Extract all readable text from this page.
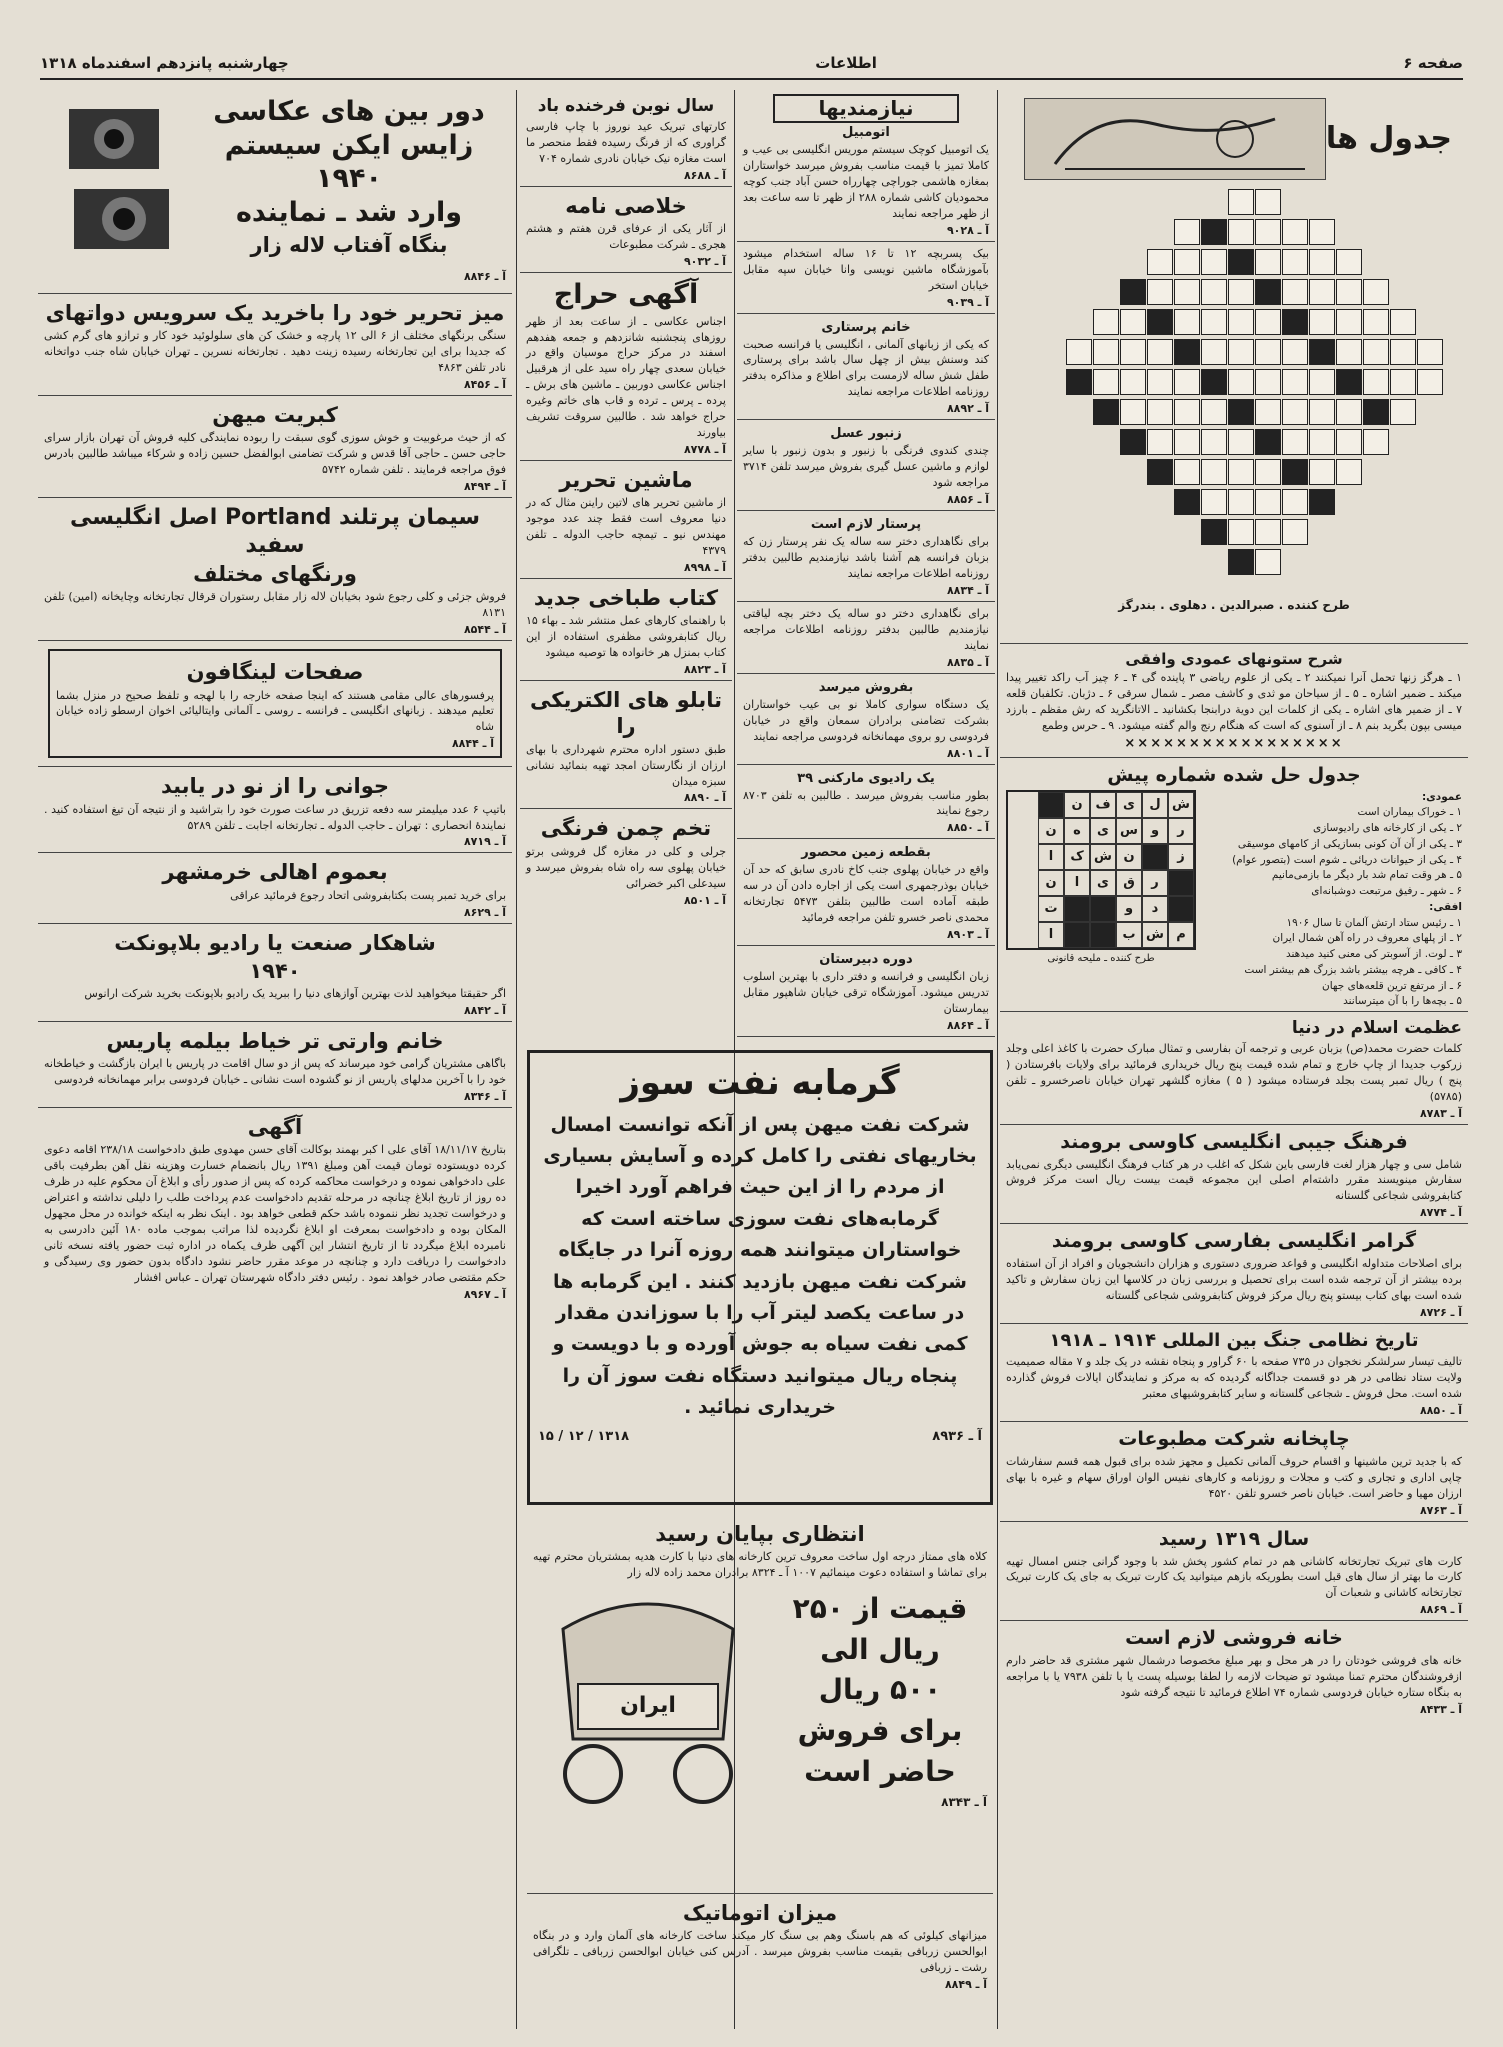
صفحه ۶
اطلاعات
چهارشنبه پانزدهم اسفندماه ۱۳۱۸
جدول ها
طرح کننده . صبرالدین . دهلوی . بندرگز
شرح ستونهای عمودی وافقی

۱ ـ هرگز زنها تحمل آنرا نمیکنند ۲ ـ یکی از علوم ریاضی ۳ پاینده گی ۴ ـ ۶ چیز آب راکد تغییر پیدا میکند ـ ضمیر اشاره ـ ۵ ـ از سیاحان مو ثدی و کاشف مصر ـ شمال سرقی ۶ ـ دژبان. تکلفبان قلعه ۷ ـ از ضمیر های اشاره ـ یکی از کلمات این دویة درابنجا بکشانید ـ الاتانگرید که رش مقظم ـ بارزد میسی بپون بگرید بنم ۸ ـ از آسنوی که است که هنگام رنج والم گفته میشود. ۹ ـ حرس وطمع

×××××××××××××××××
جدول حل شده شماره پیش
عمودی:
۱ ـ خوراک بیماران است
۲ ـ یکی از کارخانه های رادیوسازی
۳ ـ یکی از آن آن کونی بسازیکی از کامهای موسیقی
۴ ـ یکی از حیوانات دریائی ـ شوم است (بتصور عوام)
۵ ـ هر وقت تمام شد بار دیگر ما بازمی‌مانیم
۶ ـ شهر ـ رفیق مرتبعت دوشبانه‌ای
افقی:
۱ ـ رئیس ستاد ارتش آلمان تا سال ۱۹۰۶
۲ ـ از پلهای معروف در راه آهن شمال ایران
۳ ـ لوت. از آسوبتر کی معنی کنید میدهند
۴ ـ کافی ـ هرچه بیشتر باشد بزرگ هم بیشتر است
۶ ـ از مرتفع ترین قلعه‌های جهان
۵ ـ بچه‌ها را با آن میترسانند
ش
ل
ی
ف
ن
ر
و
س
ی
ه
ن
ز
ن
ش
ک
ا
ر
ق
ی
ا
ن
د
و
ت
م
ش
ب
ا
طرح کننده ـ ملیحه قانونی
عظمت اسلام در دنیا

کلمات حضرت محمد(ص) بزبان عربی و ترجمه آن بفارسی و تمثال مبارک حضرت با کاغذ اعلی وجلد زرکوب جدیدا از چاپ خارج و تمام شده قیمت پنج ریال خریداری فرمائید برای ولایات بافرستادن ( پنج ) ریال تمبر پست بجلد فرستاده میشود ( ۵ ) مغازه گلشهر تهران خیابان ناصرخسرو ـ تلفن (۵۷۸۵)

آ ـ ۸۷۸۳
فرهنگ جیبی انگلیسی کاوسی برومند

شامل سی و چهار هزار لغت فارسی باین شکل که اغلب در هر کتاب فرهنگ انگلیسی دیگری نمی‌یابد سفارش مینویسند مقرر داشته‌ام اصلی این مجموعه قیمت بیست ریال است مرکز فروش کتابفروشی شجاعی گلستانه

آ ـ ۸۷۷۴
گرامر انگلیسی بفارسی کاوسی برومند

برای اصلاحات متداوله انگلیسی و قواعد ضروری دستوری و هزاران دانشجویان و افراد از آن استفاده برده بیشتر از آن ترجمه شده است برای تحصیل و بررسی زبان در کلاسها این زبان سفارش و تاکید شده است بهای کتاب بیستو پنج ریال مرکز فروش کتابفروشی شجاعی گلستانه

آ ـ ۸۷۲۶
تاریخ نظامی جنگ بین المللی ۱۹۱۴ ـ ۱۹۱۸

تالیف تیسار سرلشکر نخجوان در ۷۳۵ صفحه با ۶۰ گراور و پنجاه نقشه در یک جلد و ۷ مقاله صمیمیت ولایت ستاد نظامی در هر دو قسمت جداگانه گردیده که به مرکز و نمایندگان ایالات فروش گذارده شده است. محل فروش ـ شجاعی گلستانه و سایر کتابفروشیهای معتبر

آ ـ ۸۸۵۰
چاپخانه شرکت مطبوعات

که با جدید ترین ماشینها و اقسام حروف آلمانی تکمیل و مجهز شده برای قبول همه قسم سفارشات چاپی اداری و تجاری و کتب و مجلات و روزنامه و کارهای نفیس الوان اوراق سهام و غیره با بهای ارزان مهیا و حاضر است. خیابان ناصر خسرو تلفن ۴۵۲۰

آ ـ ۸۷۶۳
سال ۱۳۱۹ رسید

کارت های تبریک تجارتخانه کاشانی هم در تمام کشور پخش شد با وجود گرانی جنس امسال تهیه کارت ما بهتر از سال های قبل است بطوریکه بازهم میتوانید یک کارت تبریک به جای یک کارت تبریک تجارتخانه کاشانی و شعبات آن

آ ـ ۸۸۶۹
خانه فروشی لازم است

خانه های فروشی خودتان را در هر محل و بهر مبلغ مخصوصا درشمال شهر مشتری قد حاضر دارم ازفروشندگان محترم تمنا میشود تو ضیحات لازمه را لطفا بوسیله پست یا با تلفن ۷۹۳۸ یا با مراجعه به بنگاه ستاره خیابان فردوسی شماره ۷۴ اطلاع فرمائید تا نتیجه گرفته شود

آ ـ ۸۴۳۳
نیازمندیها
اتومبیل

یک اتومبیل کوچک سیستم موریس انگلیسی بی عیب و کاملا تمیز با قیمت مناسب بفروش میرسد خواستاران بمغازه هاشمی جوراچی چهارراه حسن آباد جنب کوچه محمودیان کاشی شماره ۲۸۸ از ظهر تا سه ساعت بعد از ظهر مراجعه نمایند

آ ـ ۹۰۲۸

بیک پسربچه ۱۲ تا ۱۶ ساله استخدام میشود بآموزشگاه ماشین نویسی وانا خیابان سپه مقابل خیابان استخر

آ ـ ۹۰۳۹
خانم پرستاری

که یکی از زبانهای آلمانی ، انگلیسی یا فرانسه صحبت کند وسنش بیش از چهل سال باشد برای پرستاری طفل شش ساله لازمست برای اطلاع و مذاکره بدفتر روزنامه اطلاعات مراجعه نمایند

آ ـ ۸۸۹۲
زنبور عسل

چندی کندوی فرنگی با زنبور و بدون زنبور با سایر لوازم و ماشین عسل گیری بفروش میرسد تلفن ۳۷۱۴ مراجعه شود

آ ـ ۸۸۵۶
پرستار لازم است

برای نگاهداری دختر سه ساله یک نفر پرستار زن که بزبان فرانسه هم آشنا باشد نیازمندیم طالبین بدفتر روزنامه اطلاعات مراجعه نمایند

آ ـ ۸۸۳۴

برای نگاهداری دختر دو ساله یک دختر بچه لیاقتی نیازمندیم طالبین بدفتر روزنامه اطلاعات مراجعه نمایند

آ ـ ۸۸۳۵
بفروش میرسد

یک دستگاه سواری کاملا نو بی عیب خواستاران بشرکت تضامنی برادران سمعان واقع در خیابان فردوسی رو بروی مهمانخانه فردوسی مراجعه نمایند

آ ـ ۸۸۰۱
یک رادیوی مارکنی ۳۹

بطور مناسب بفروش میرسد . طالبین به تلفن ۸۷۰۳ رجوع نمایند

آ ـ ۸۸۵۰
بقطعه زمین محصور

واقع در خیابان پهلوی جنب کاخ نادری سابق که حد آن خیابان بوذرجمهری است یکی از اجاره دادن آن در سه طبقه آماده است طالبین بتلفن ۵۴۷۳ تجارتخانه محمدی ناصر خسرو تلفن مراجعه فرمائید

آ ـ ۸۹۰۳
دوره دبیرستان

زبان انگلیسی و فرانسه و دفتر داری با بهترین اسلوب تدریس میشود. آموزشگاه ترقی خیابان شاهپور مقابل بیمارستان

آ ـ ۸۸۶۴
سال نوبن فرخنده باد

کارتهای تبریک عید نوروز با چاپ فارسی گراوری که از فرنگ رسیده فقط منحصر ما است مغازه نیک خیابان نادری شماره ۷۰۴

آ ـ ۸۶۸۸
خلاصی نامه

از آثار یکی از عرفای قرن هفتم و هشتم هجری ـ شرکت مطبوعات

آ ـ ۹۰۳۲
آگهی حراج

اجناس عکاسی ـ از ساعت بعد از ظهر روزهای پنجشنبه شانزدهم و جمعه هفدهم اسفند در مرکز حراج موسیان واقع در خیابان سعدی چهار راه سید علی از هرقبیل اجناس عکاسی دوربین ـ ماشین های برش ـ پرده ـ پرس ـ ترده و قاب های خاتم وغیره حراج خواهد شد . طالبین سروقت تشریف بیاورند

آ ـ ۸۷۷۸
ماشین تحریر

از ماشین تحریر های لاتین راینن مثال که در دنیا معروف است فقط چند عدد موجود مهندس نیو ـ تیمچه حاجب الدوله ـ تلفن ۴۳۷۹

آ ـ ۸۹۹۸
کتاب طباخی جدید

با راهنمای کارهای عمل منتشر شد ـ بهاء ۱۵ ریال کتابفروشی مظفری استفاده از این کتاب بمنزل هر خانواده ها توصیه میشود

آ ـ ۸۸۲۳
تابلو های الکتریکی را

طبق دستور اداره محترم شهرداری با بهای ارزان از نگارستان امجد تهیه بنمائید نشانی سبزه میدان

آ ـ ۸۸۹۰
تخم چمن فرنگی

جرلی و کلی در مغازه گل فروشی برتو خیابان پهلوی سه راه شاه بفروش میرسد و سیدعلی اکبر خضرائی

آ ـ ۸۵۰۱
گرمابه نفت سوز

شرکت نفت میهن پس از آنکه توانست امسال بخاریهای نفتی را کامل کرده و آسایش بسیاری از مردم را از این حیث فراهم آورد اخیرا گرمابه‌های نفت سوزی ساخته است که خواستاران میتوانند همه روزه آنرا در جایگاه شرکت نفت میهن بازدید کنند . این گرمابه ها در ساعت یکصد لیتر آب را با سوزاندن مقدار کمی نفت سیاه به جوش آورده و با دویست و پنجاه ریال میتوانید دستگاه نفت سوز آن را خریداری نمائید .

آ ـ ۸۹۳۶
۱۳۱۸ / ۱۲ / ۱۵
دور بین های عکاسی
زایس ایکن سیستم ۱۹۴۰
وارد شد ـ نماینده
بنگاه آفتاب لاله زار
آ ـ ۸۸۴۶
میز تحریر خود را باخرید یک سرویس دواتهای

سنگی برنگهای مختلف از ۶ الی ۱۲ پارچه و خشک کن های سلولوئید خود کار و ترازو های گرم کشی که جدیدا برای این تجارتخانه رسیده زینت دهید . تجارتخانه نسرین ـ تهران خیابان شاه جنب دواتخانه نادر تلفن ۴۸۶۳

آ ـ ۸۴۵۶
کبریت میهن

که از حیث مرغوبیت و خوش سوزی گوی سبقت را ربوده نمایندگی کلیه فروش آن تهران بازار سرای حاجی حسن ـ حاجی آقا قدس و شرکت تضامنی ابوالفضل حسین زاده و شرکاء میباشد طالبین بادرس فوق مراجعه فرمایند . تلفن شماره ۵۷۴۲

آ ـ ۸۴۹۴
سیمان پرتلند Portland اصل انگلیسی سفید
ورنگهای مختلف

فروش جزئی و کلی رجوع شود بخیابان لاله زار مقابل رستوران قرقال تجارتخانه وچایخانه (امین) تلفن ۸۱۳۱

آ ـ ۸۵۴۴
صفحات لینگافون

پرفسورهای عالی مقامی هستند که اینجا صفحه خارجه را با لهجه و تلفظ صحیح در منزل بشما تعلیم میدهند . زبانهای انگلیسی ـ فرانسه ـ روسی ـ آلمانی وایتالیائی اخوان ارسطو زاده خیابان شاه

آ ـ ۸۸۴۴
جوانی را از نو در یابید

باتیپ ۶ عدد میلیمتر سه دفعه تزریق در ساعت صورت خود را بتراشید و از نتیجه آن تیغ استفاده کنید . نمایندهٔ انحصاری : تهران ـ حاجب الدوله ـ تجارتخانه اجابت ـ تلفن ۵۲۸۹

آ ـ ۸۷۱۹
بعموم اهالی خرمشهر

برای خرید تمبر پست بکتابفروشی اتحاد رجوع فرمائید عراقی

آ ـ ۸۶۲۹
شاهکار صنعت یا رادیو بلاپونکت
۱۹۴۰

اگر حقیقتا میخواهید لذت بهترین آوازهای دنیا را ببرید یک رادیو بلاپونکت بخرید شرکت ارانوس

آ ـ ۸۸۴۲
خانم وارتی تر خیاط بیلمه پاریس

باگاهی مشتریان گرامی خود میرساند که پس از دو سال اقامت در پاریس با ایران بازگشت و خیاطخانه خود را با آخرین مدلهای پاریس از نو گشوده است نشانی ـ خیابان فردوسی برابر مهمانخانه فردوسی

آ ـ ۸۳۴۶
آگهی

بتاریخ ۱۸/۱۱/۱۷ آقای علی ا کبر بهمند بوکالت آقای حسن مهدوی طبق دادخواست ۲۳۸/۱۸ اقامه دعوی کرده دویستوده‌ تومان قیمت آهن ومبلغ ۱۳۹۱ ریال بانضمام خسارت وهزینه نقل آهن بطرفیت باقی علی دادخواهی نموده و درخواست محاکمه کرده که پس از صدور رأی و ابلاغ آن محکوم علیه در ظرف ده روز از تاریخ ابلاغ چنانچه در مرحله تقدیم دادخواست عدم پرداخت طلب را دلیلی نداشته و اعتراض و درخواست تجدید نظر ننموده باشد حکم قطعی خواهد بود . اینک نظر به اینکه خوانده در محل مجهول المکان بوده و دادخواست بمعرفت او ابلاغ نگردیده لذا مراتب بموجب ماده ۱۸۰ آئین دادرسی به نامبرده ابلاغ میگردد تا از تاریخ انتشار این آگهی ظرف یکماه در اداره ثبت حضور یافته نسخه ثانی دادخواست را دریافت دارد و چنانچه در موعد مقرر حاضر نشود دادگاه بدون حضور وی رسیدگی و حکم مقتضی صادر خواهد نمود . رئیس دفتر دادگاه شهرستان تهران ـ عباس افشار

آ ـ ۸۹۶۷
انتظاری بپایان رسید

کلاه های ممتاز درجه اول ساخت معروف ترین کارخانه های دنیا با کارت هدیه بمشتریان محترم تهیه برای تماشا و استفاده دعوت مینمائیم ۱۰۰۷ آ ـ ۸۳۲۴ برادران محمد زاده لاله زار

قیمت از ۲۵۰
ریال الی
۵۰۰ ریال
برای فروش
حاضر است
آ ـ ۸۳۴۳
ایران
میزان اتوماتیک

میزانهای کیلوئی که هم باسنگ وهم بی سنگ کار میکند ساخت کارخانه های آلمان وارد و در بنگاه ابوالحسن زربافی بقیمت مناسب بفروش میرسد . آدرس کنی خیابان ابوالحسن زربافی ـ تلگرافی رشت ـ زربافی

آ ـ ۸۸۴۹
